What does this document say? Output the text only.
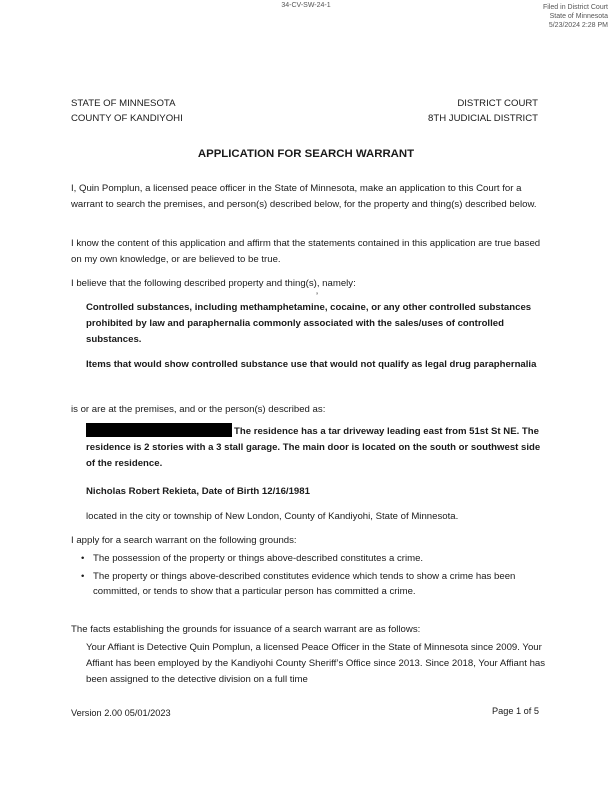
34-CV-SW-24-1	Filed in District Court
State of Minnesota
5/23/2024 2:28 PM
STATE OF MINNESOTA
COUNTY OF KANDIYOHI
DISTRICT COURT
8TH JUDICIAL DISTRICT
APPLICATION FOR SEARCH WARRANT

I, Quin Pomplun, a licensed peace officer in the State of Minnesota, make an application to this Court for a warrant to search the premises, and person(s) described below, for the property and thing(s) described below.

I know the content of this application and affirm that the statements contained in this application are true based on my own knowledge, or are believed to be true.

I believe that the following described property and thing(s), namely:

’

Controlled substances, including methamphetamine, cocaine, or any other controlled substances prohibited by law and paraphernalia commonly associated with the sales/uses of controlled substances.

Items that would show controlled substance use that would not qualify as legal drug paraphernalia

is or are at the premises, and or the person(s) described as:

The residence has a tar driveway leading east from 51st St NE. The residence is 2 stories with a 3 stall garage. The main door is located on the south or southwest side of the residence.

Nicholas Robert Rekieta, Date of Birth 12/16/1981

located in the city or township of New London, County of Kandiyohi, State of Minnesota.

I apply for a search warrant on the following grounds:

• The possession of the property or things above-described constitutes a crime.
• The property or things above-described constitutes evidence which tends to show a crime has been committed, or tends to show that a particular person has committed a crime.

The facts establishing the grounds for issuance of a search warrant are as follows:

Your Affiant is Detective Quin Pomplun, a licensed Peace Officer in the State of Minnesota since 2009. Your Affiant has been employed by the Kandiyohi County Sheriff’s Office since 2013. Since 2018, Your Affiant has been assigned to the detective division on a full time

Version 2.00 05/01/2023	Page 1 of 5
